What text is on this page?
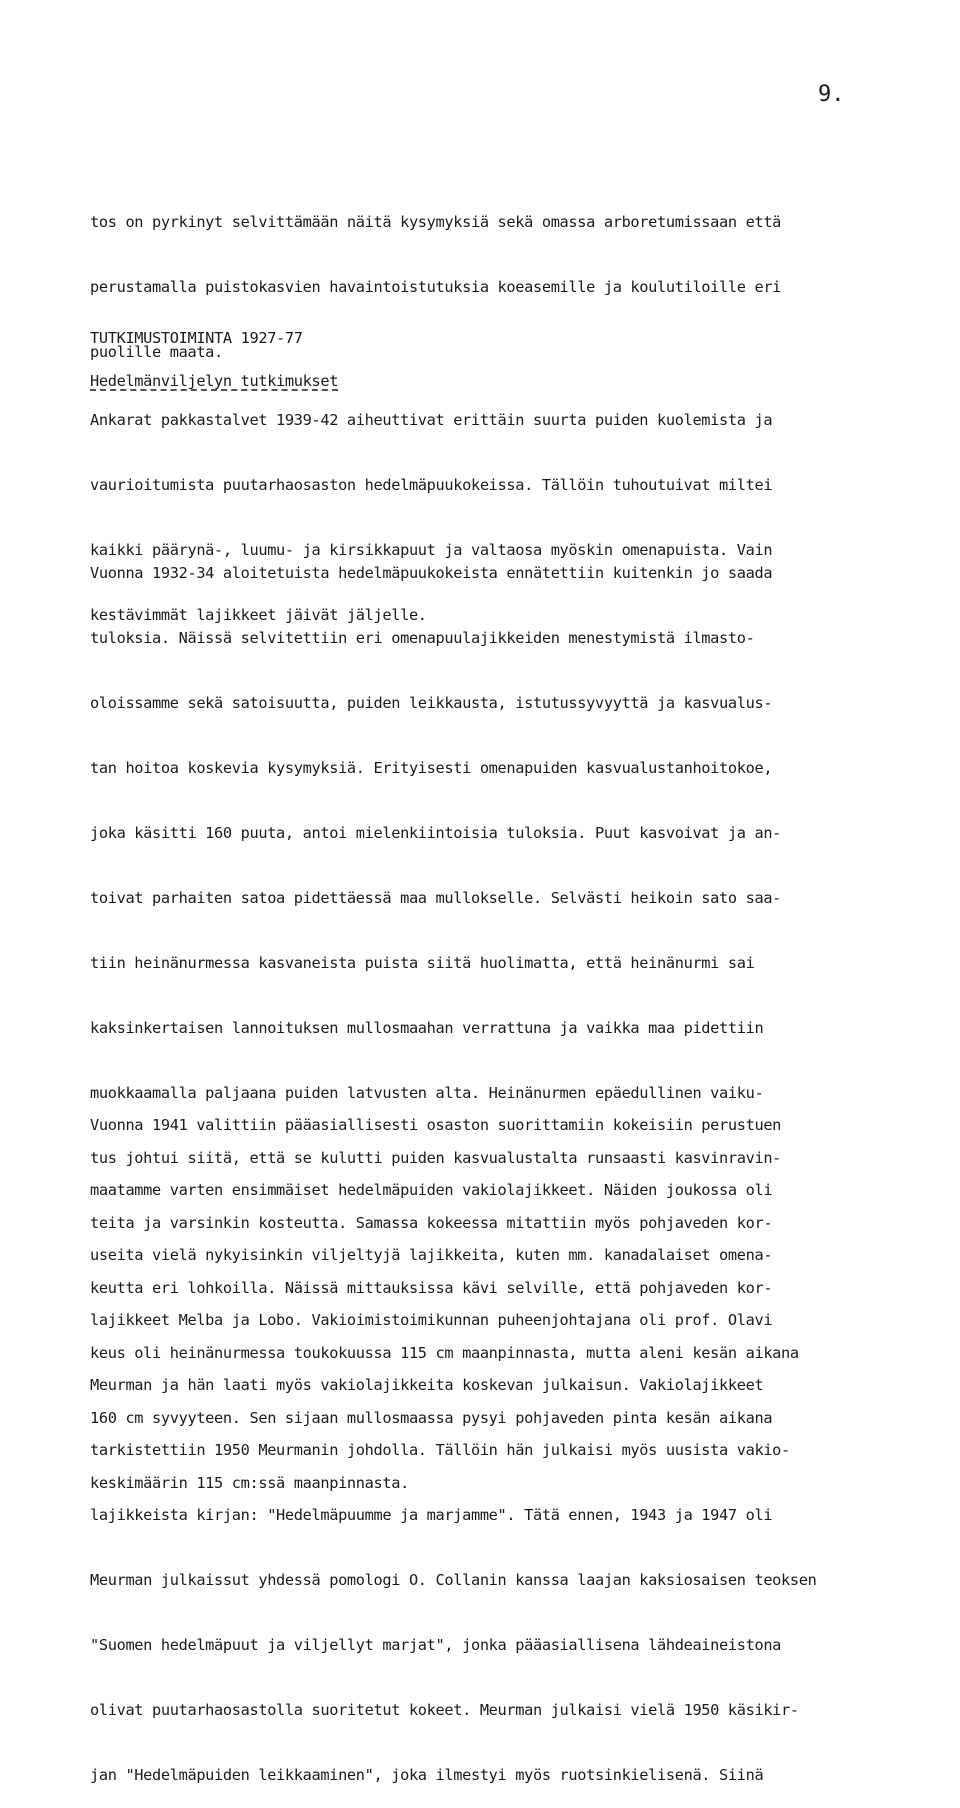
9.

tos on pyrkinyt selvittämään näitä kysymyksiä sekä omassa arboretumissaan että

perustamalla puistokasvien havaintoistutuksia koeasemille ja koulutiloille eri

puolille maata.

TUTKIMUSTOIMINTA 1927-77

Hedelmänviljelyn tutkimukset

Ankarat pakkastalvet 1939-42 aiheuttivat erittäin suurta puiden kuolemista ja

vaurioitumista puutarhaosaston hedelmäpuukokeissa. Tällöin tuhoutuivat miltei

kaikki päärynä-, luumu- ja kirsikkapuut ja valtaosa myöskin omenapuista. Vain

kestävimmät lajikkeet jäivät jäljelle.

Vuonna 1932-34 aloitetuista hedelmäpuukokeista ennätettiin kuitenkin jo saada

tuloksia. Näissä selvitettiin eri omenapuulajikkeiden menestymistä ilmasto-

oloissamme sekä satoisuutta, puiden leikkausta, istutussyvyyttä ja kasvualus-

tan hoitoa koskevia kysymyksiä. Erityisesti omenapuiden kasvualustanhoitokoe,

joka käsitti 160 puuta, antoi mielenkiintoisia tuloksia. Puut kasvoivat ja an-

toivat parhaiten satoa pidettäessä maa mullokselle. Selvästi heikoin sato saa-

tiin heinänurmessa kasvaneista puista siitä huolimatta, että heinänurmi sai

kaksinkertaisen lannoituksen mullosmaahan verrattuna ja vaikka maa pidettiin

muokkaamalla paljaana puiden latvusten alta. Heinänurmen epäedullinen vaiku-

tus johtui siitä, että se kulutti puiden kasvualustalta runsaasti kasvinravin-

teita ja varsinkin kosteutta. Samassa kokeessa mitattiin myös pohjaveden kor-

keutta eri lohkoilla. Näissä mittauksissa kävi selville, että pohjaveden kor-

keus oli heinänurmessa toukokuussa 115 cm maanpinnasta, mutta aleni kesän aikana

160 cm syvyyteen. Sen sijaan mullosmaassa pysyi pohjaveden pinta kesän aikana

keskimäärin 115 cm:ssä maanpinnasta.

Vuonna 1941 valittiin pääasiallisesti osaston suorittamiin kokeisiin perustuen

maatamme varten ensimmäiset hedelmäpuiden vakiolajikkeet. Näiden joukossa oli

useita vielä nykyisinkin viljeltyjä lajikkeita, kuten mm. kanadalaiset omena-

lajikkeet Melba ja Lobo. Vakioimistoimikunnan puheenjohtajana oli prof. Olavi

Meurman ja hän laati myös vakiolajikkeita koskevan julkaisun. Vakiolajikkeet

tarkistettiin 1950 Meurmanin johdolla. Tällöin hän julkaisi myös uusista vakio-

lajikkeista kirjan: "Hedelmäpuumme ja marjamme". Tätä ennen, 1943 ja 1947 oli

Meurman julkaissut yhdessä pomologi O. Collanin kanssa laajan kaksiosaisen teoksen

"Suomen hedelmäpuut ja viljellyt marjat", jonka pääasiallisena lähdeaineistona

olivat puutarhaosastolla suoritetut kokeet. Meurman julkaisi vielä 1950 käsikir-

jan "Hedelmäpuiden leikkaaminen", joka ilmestyi myös ruotsinkielisenä. Siinä
